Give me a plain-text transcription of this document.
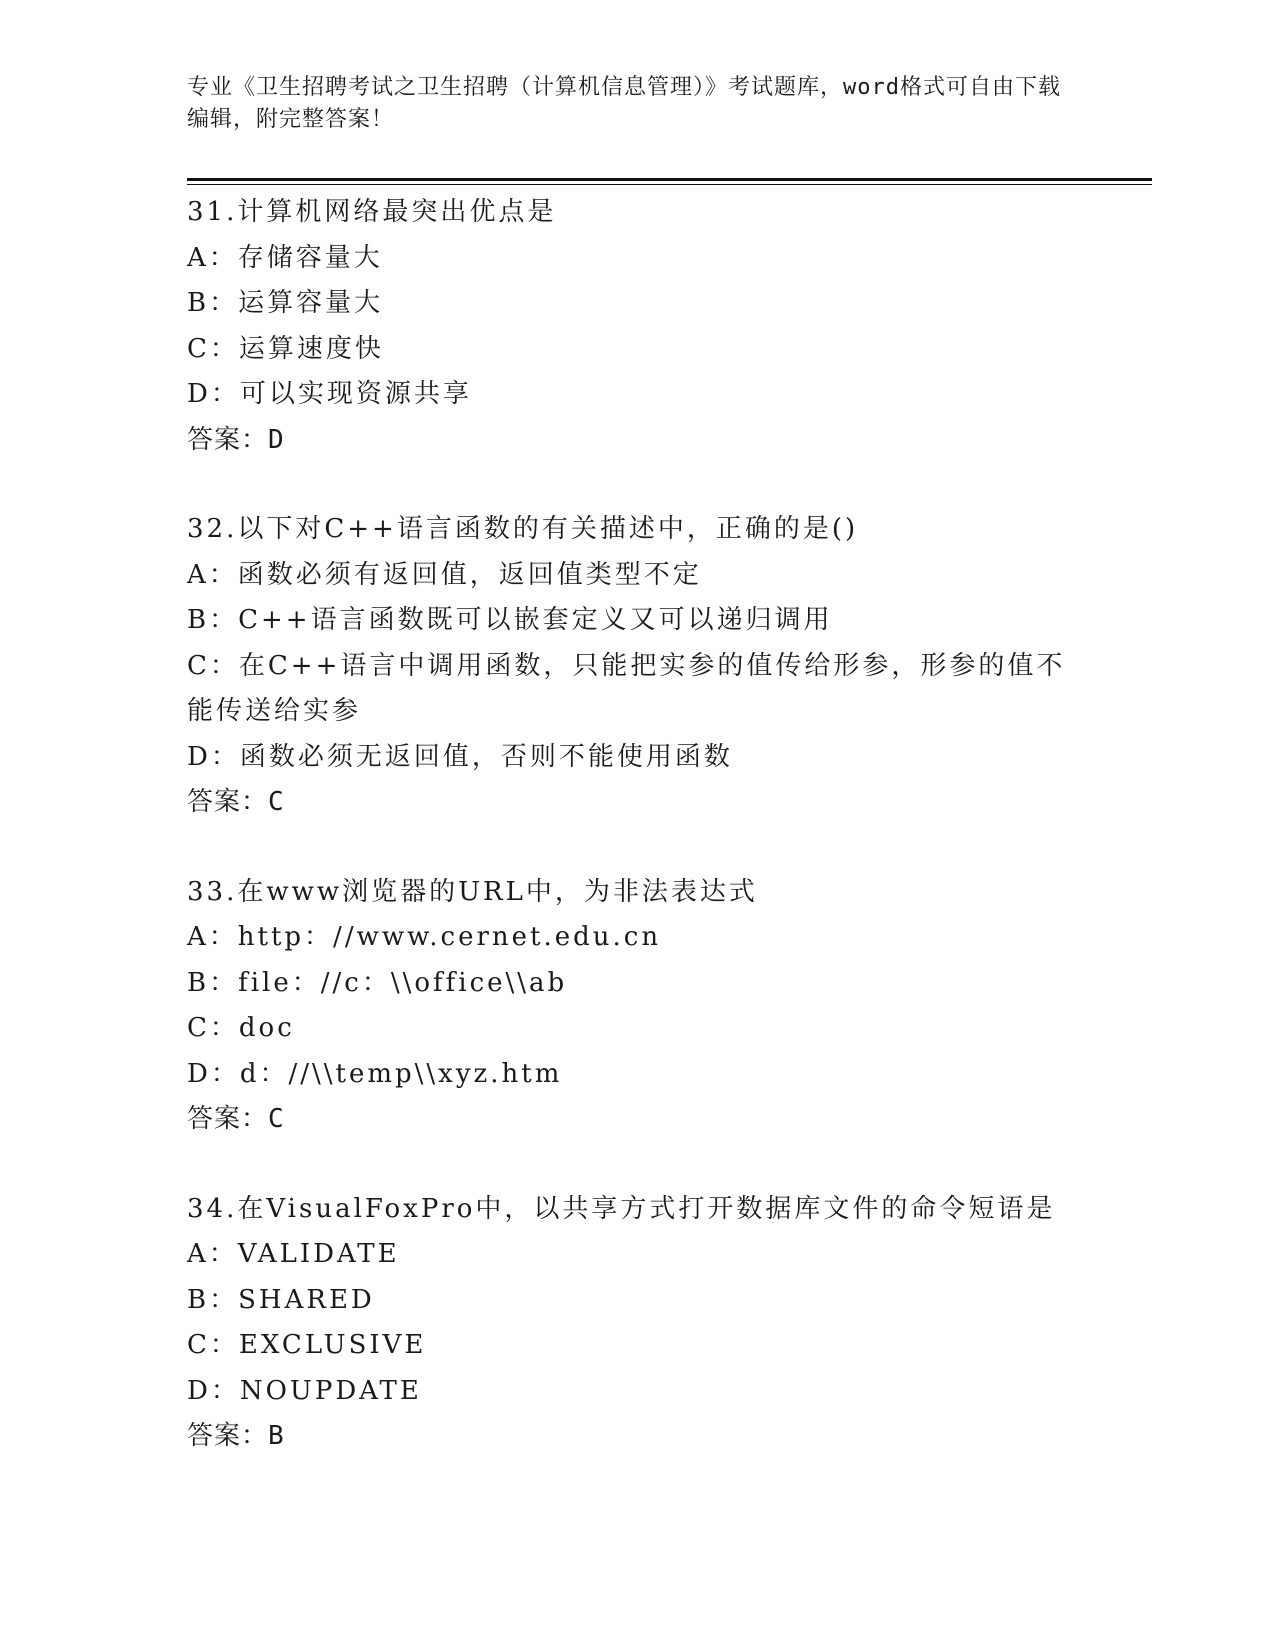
专业《卫生招聘考试之卫生招聘（计算机信息管理）》考试题库，word格式可自由下载编辑，附完整答案！

31.计算机网络最突出优点是

A：存储容量大

B：运算容量大

C：运算速度快

D：可以实现资源共享

答案：D

32.以下对C++语言函数的有关描述中，正确的是()

A：函数必须有返回值，返回值类型不定

B：C++语言函数既可以嵌套定义又可以递归调用

C：在C++语言中调用函数，只能把实参的值传给形参，形参的值不能传送给实参

D：函数必须无返回值，否则不能使用函数

答案：C

33.在www浏览器的URL中，为非法表达式

A：http：//www.cernet.edu.cn

B：file：//c：\\office\\ab

C：doc

D：d：//\\temp\\xyz.htm

答案：C

34.在VisualFoxPro中，以共享方式打开数据库文件的命令短语是

A：VALIDATE

B：SHARED

C：EXCLUSIVE

D：NOUPDATE

答案：B
